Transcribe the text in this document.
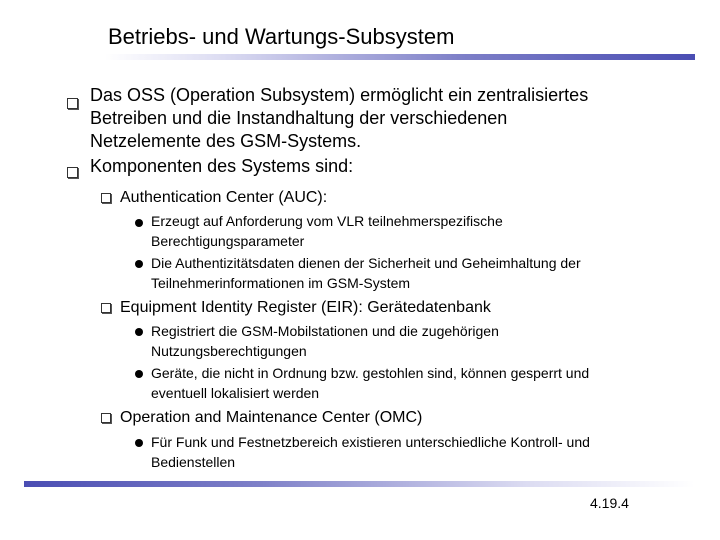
Betriebs- und Wartungs-Subsystem
Das OSS (Operation Subsystem) ermöglicht ein zentralisiertes
Betreiben und die Instandhaltung der verschiedenen
Netzelemente des GSM-Systems.
Komponenten des Systems sind:
Authentication Center (AUC):
Erzeugt auf Anforderung vom VLR teilnehmerspezifische
Berechtigungsparameter
Die Authentizitätsdaten dienen der Sicherheit und Geheimhaltung der
Teilnehmerinformationen im GSM-System
Equipment Identity Register (EIR): Gerätedatenbank
Registriert die GSM-Mobilstationen und die zugehörigen
Nutzungsberechtigungen
Geräte, die nicht in Ordnung bzw. gestohlen sind, können gesperrt und
eventuell lokalisiert werden
Operation and Maintenance Center (OMC)
Für Funk und Festnetzbereich existieren unterschiedliche Kontroll- und
Bedienstellen
4.19.4
